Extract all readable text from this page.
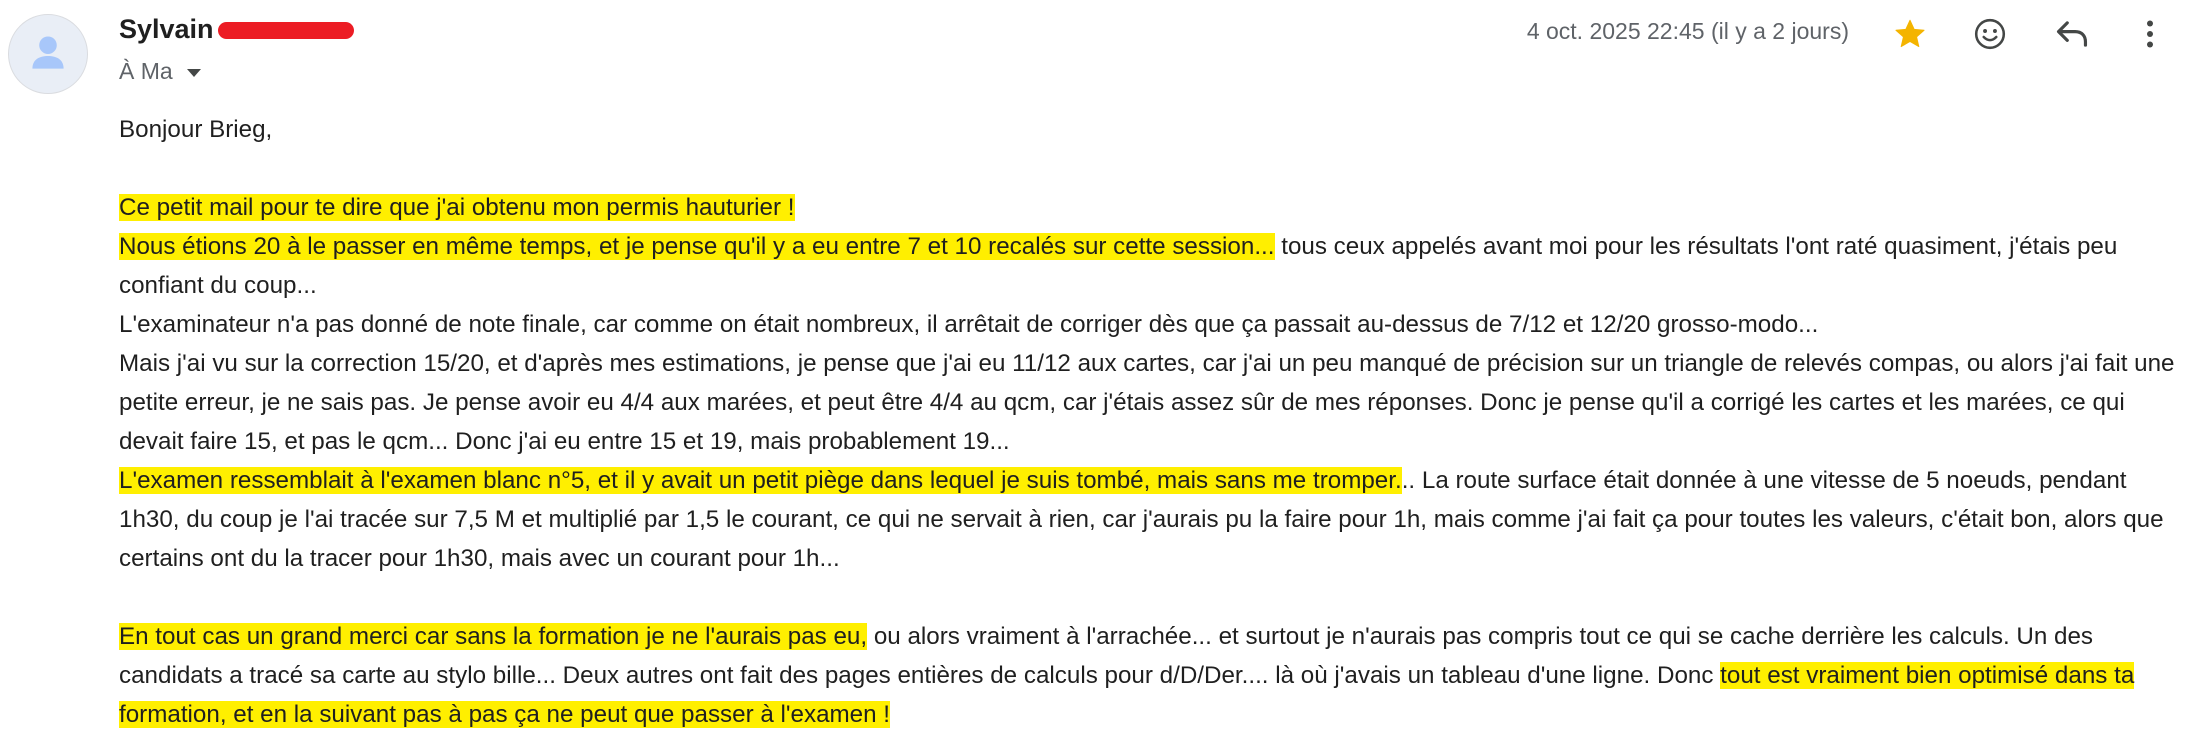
Sylvain
À Ma
4 oct. 2025 22:45 (il y a 2 jours)

Bonjour Brieg,

Ce petit mail pour te dire que j'ai obtenu mon permis hauturier !

Nous étions 20 à le passer en même temps, et je pense qu'il y a eu entre 7 et 10 recalés sur cette session... tous ceux appelés avant moi pour les résultats l'ont raté quasiment, j'étais peu confiant du coup...

L'examinateur n'a pas donné de note finale, car comme on était nombreux, il arrêtait de corriger dès que ça passait au-dessus de 7/12 et 12/20 grosso-modo...

Mais j'ai vu sur la correction 15/20, et d'après mes estimations, je pense que j'ai eu 11/12 aux cartes, car j'ai un peu manqué de précision sur un triangle de relevés compas, ou alors j'ai fait une petite erreur, je ne sais pas. Je pense avoir eu 4/4 aux marées, et peut être 4/4 au qcm, car j'étais assez sûr de mes réponses. Donc je pense qu'il a corrigé les cartes et les marées, ce qui devait faire 15, et pas le qcm... Donc j'ai eu entre 15 et 19, mais probablement 19...

L'examen ressemblait à l'examen blanc n°5, et il y avait un petit piège dans lequel je suis tombé, mais sans me tromper... La route surface était donnée à une vitesse de 5 noeuds, pendant 1h30, du coup je l'ai tracée sur 7,5 M et multiplié par 1,5 le courant, ce qui ne servait à rien, car j'aurais pu la faire pour 1h, mais comme j'ai fait ça pour toutes les valeurs, c'était bon, alors que certains ont du la tracer pour 1h30, mais avec un courant pour 1h...

En tout cas un grand merci car sans la formation je ne l'aurais pas eu, ou alors vraiment à l'arrachée... et surtout je n'aurais pas compris tout ce qui se cache derrière les calculs. Un des candidats a tracé sa carte au stylo bille... Deux autres ont fait des pages entières de calculs pour d/D/Der.... là où j'avais un tableau d'une ligne. Donc tout est vraiment bien optimisé dans ta formation, et en la suivant pas à pas ça ne peut que passer à l'examen !
